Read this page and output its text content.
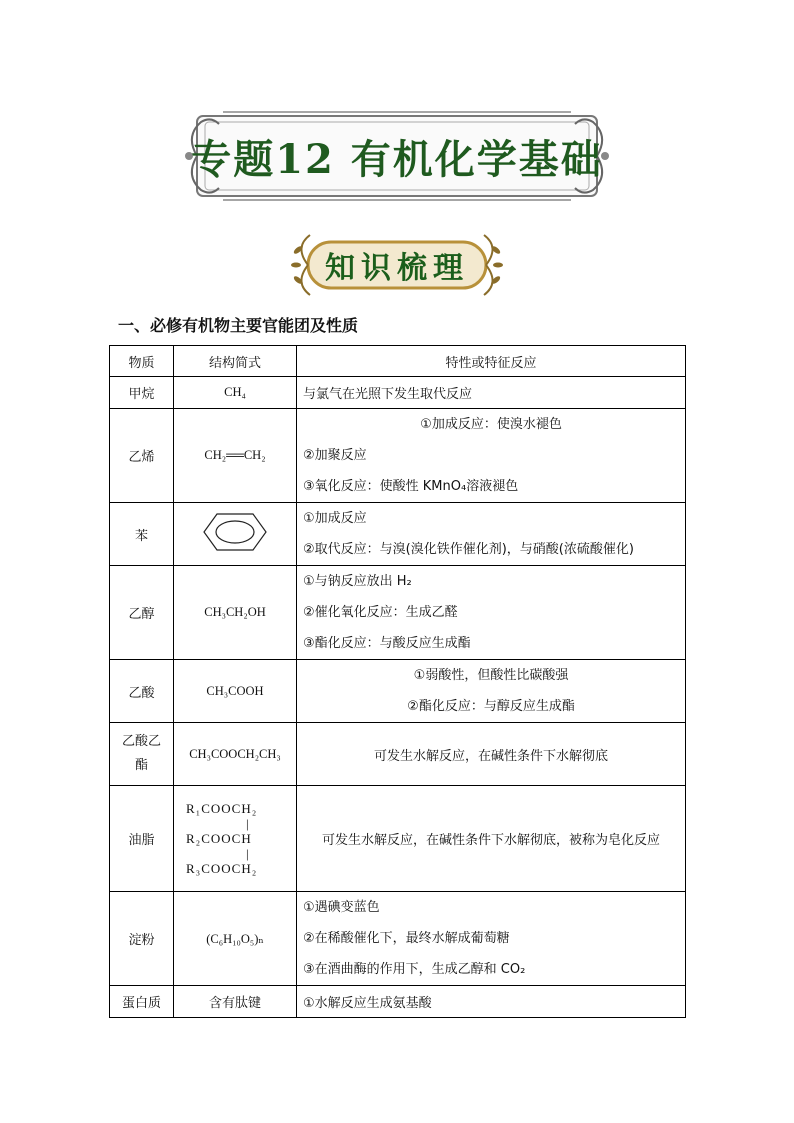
专题12 有机化学基础
知识梳理
一、必修有机物主要官能团及性质
物质	结构简式	特性或特征反应
甲烷	CH₄	与氯气在光照下发生取代反应
乙烯	CH₂══CH₂	①加成反应：使溴水褪色
②加聚反应
③氧化反应：使酸性 KMnO₄溶液褪色

苯		①加成反应
②取代反应：与溴(溴化铁作催化剂)，与硝酸(浓硫酸催化)

乙醇	CH₃CH₂OH	①与钠反应放出 H₂
②催化氧化反应：生成乙醛
③酯化反应：与酸反应生成酯

乙酸	CH₃COOH	①弱酸性，但酸性比碳酸强
②酯化反应：与醇反应生成酯

乙酸乙酯	CH₃COOCH₂CH₃	可发生水解反应，在碱性条件下水解彻底
油脂	R₁COOCH₂
|
R₂COOCH
|
R₃COOCH₂	可发生水解反应，在碱性条件下水解彻底，被称为皂化反应
淀粉	(C₆H₁₀O₅)ₙ	①遇碘变蓝色
②在稀酸催化下，最终水解成葡萄糖
③在酒曲酶的作用下，生成乙醇和 CO₂

蛋白质	含有肽键	①水解反应生成氨基酸
